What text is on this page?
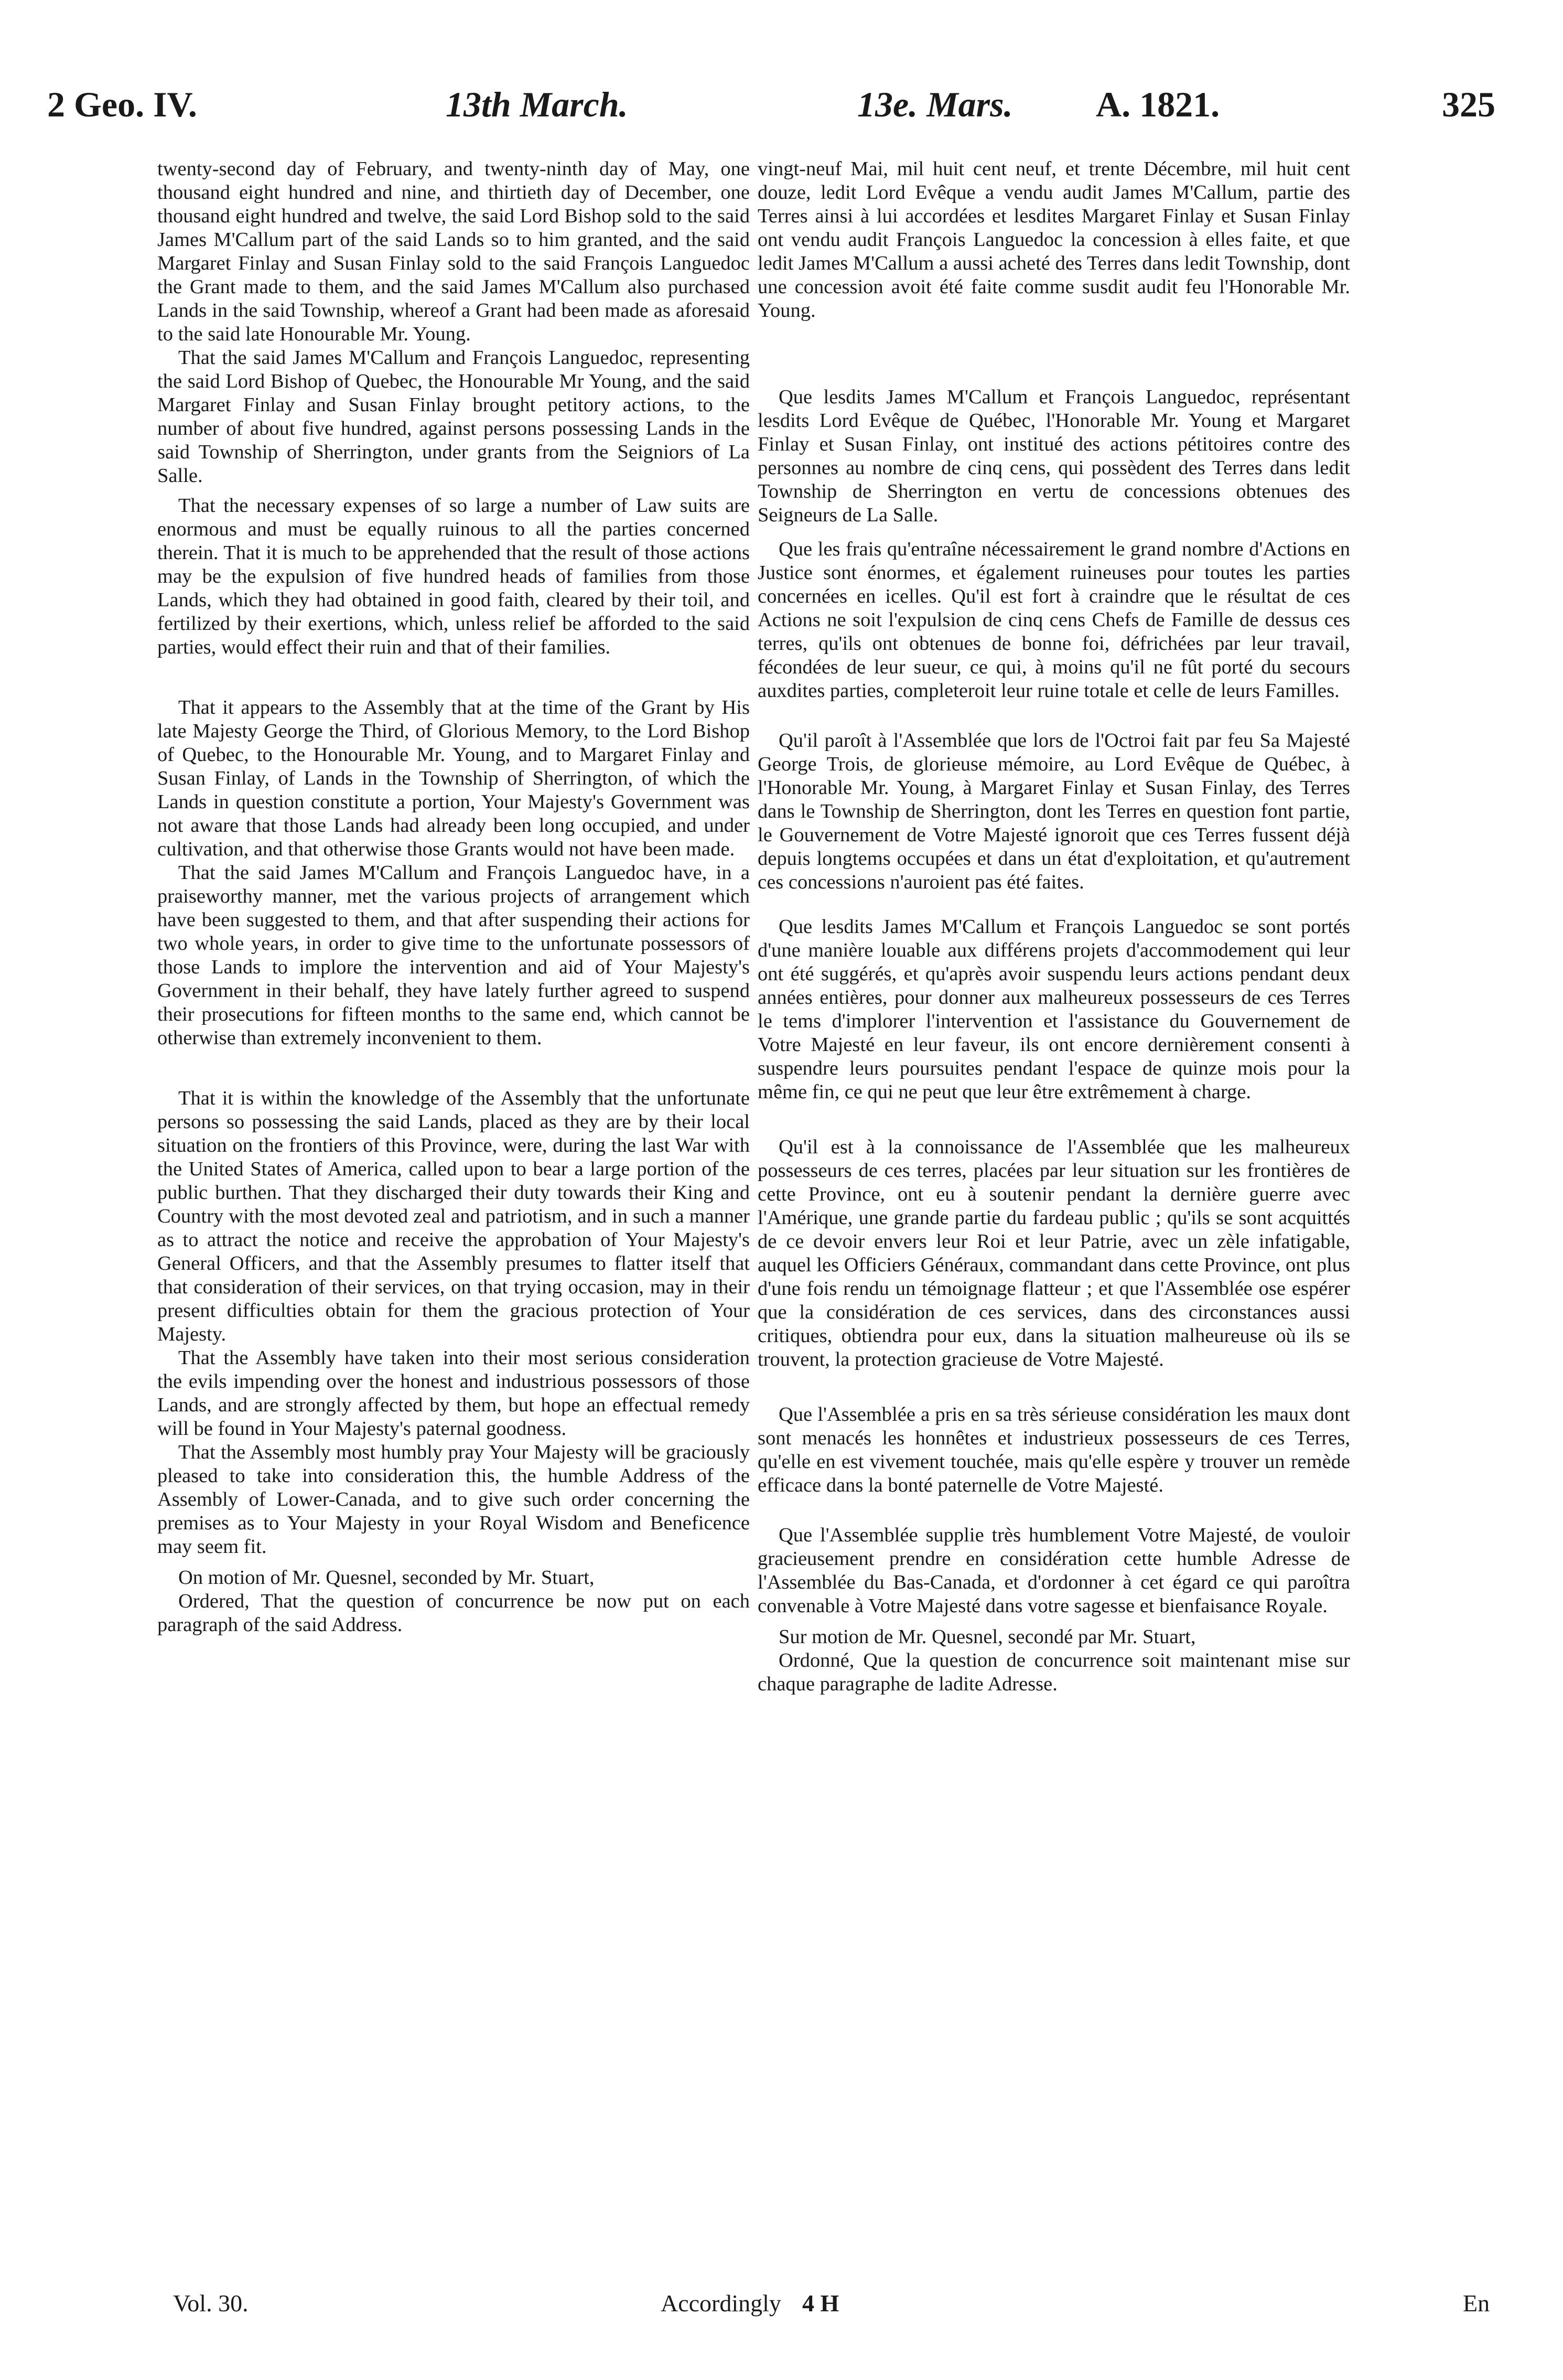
2 Geo. IV.	13th March.	13e. Mars. A. 1821.	325

twenty-second day of February, and twenty-ninth day of May, one thousand eight hundred and nine, and thirtieth day of December, one thousand eight hundred and twelve, the said Lord Bishop sold to the said James M'Callum part of the said Lands so to him granted, and the said Margaret Finlay and Susan Finlay sold to the said François Languedoc the Grant made to them, and the said James M'Callum also purchased Lands in the said Township, whereof a Grant had been made as aforesaid to the said late Honourable Mr. Young.

That the said James M'Callum and François Languedoc, representing the said Lord Bishop of Quebec, the Honourable Mr Young, and the said Margaret Finlay and Susan Finlay brought petitory actions, to the number of about five hundred, against persons possessing Lands in the said Township of Sherrington, under grants from the Seigniors of La Salle.

That the necessary expenses of so large a number of Law suits are enormous and must be equally ruinous to all the parties concerned therein. That it is much to be apprehended that the result of those actions may be the expulsion of five hundred heads of families from those Lands, which they had obtained in good faith, cleared by their toil, and fertilized by their exertions, which, unless relief be afforded to the said parties, would effect their ruin and that of their families.

That it appears to the Assembly that at the time of the Grant by His late Majesty George the Third, of Glorious Memory, to the Lord Bishop of Quebec, to the Honourable Mr. Young, and to Margaret Finlay and Susan Finlay, of Lands in the Township of Sherrington, of which the Lands in question constitute a portion, Your Majesty's Government was not aware that those Lands had already been long occupied, and under cultivation, and that otherwise those Grants would not have been made.

That the said James M'Callum and François Languedoc have, in a praiseworthy manner, met the various projects of arrangement which have been suggested to them, and that after suspending their actions for two whole years, in order to give time to the unfortunate possessors of those Lands to implore the intervention and aid of Your Majesty's Government in their behalf, they have lately further agreed to suspend their prosecutions for fifteen months to the same end, which cannot be otherwise than extremely inconvenient to them.

That it is within the knowledge of the Assembly that the unfortunate persons so possessing the said Lands, placed as they are by their local situation on the frontiers of this Province, were, during the last War with the United States of America, called upon to bear a large portion of the public burthen. That they discharged their duty towards their King and Country with the most devoted zeal and patriotism, and in such a manner as to attract the notice and receive the approbation of Your Majesty's General Officers, and that the Assembly presumes to flatter itself that that consideration of their services, on that trying occasion, may in their present difficulties obtain for them the gracious protection of Your Majesty.

That the Assembly have taken into their most serious consideration the evils impending over the honest and industrious possessors of those Lands, and are strongly affected by them, but hope an effectual remedy will be found in Your Majesty's paternal goodness.

That the Assembly most humbly pray Your Majesty will be graciously pleased to take into consideration this, the humble Address of the Assembly of Lower-Canada, and to give such order concerning the premises as to Your Majesty in your Royal Wisdom and Beneficence may seem fit.

On motion of Mr. Quesnel, seconded by Mr. Stuart,

Ordered, That the question of concurrence be now put on each paragraph of the said Address.

vingt-neuf Mai, mil huit cent neuf, et trente Décembre, mil huit cent douze, ledit Lord Evêque a vendu audit James M'Callum, partie des Terres ainsi à lui accordées et lesdites Margaret Finlay et Susan Finlay ont vendu audit François Languedoc la concession à elles faite, et que ledit James M'Callum a aussi acheté des Terres dans ledit Township, dont une concession avoit été faite comme susdit audit feu l'Honorable Mr. Young.

Que lesdits James M'Callum et François Languedoc, représentant lesdits Lord Evêque de Québec, l'Honorable Mr. Young et Margaret Finlay et Susan Finlay, ont institué des actions pétitoires contre des personnes au nombre de cinq cens, qui possèdent des Terres dans ledit Township de Sherrington en vertu de concessions obtenues des Seigneurs de La Salle.

Que les frais qu'entraîne nécessairement le grand nombre d'Actions en Justice sont énormes, et également ruineuses pour toutes les parties concernées en icelles. Qu'il est fort à craindre que le résultat de ces Actions ne soit l'expulsion de cinq cens Chefs de Famille de dessus ces terres, qu'ils ont obtenues de bonne foi, défrichées par leur travail, fécondées de leur sueur, ce qui, à moins qu'il ne fût porté du secours auxdites parties, completeroit leur ruine totale et celle de leurs Familles.

Qu'il paroît à l'Assemblée que lors de l'Octroi fait par feu Sa Majesté George Trois, de glorieuse mémoire, au Lord Evêque de Québec, à l'Honorable Mr. Young, à Margaret Finlay et Susan Finlay, des Terres dans le Township de Sherrington, dont les Terres en question font partie, le Gouvernement de Votre Majesté ignoroit que ces Terres fussent déjà depuis longtems occupées et dans un état d'exploitation, et qu'autrement ces concessions n'auroient pas été faites.

Que lesdits James M'Callum et François Languedoc se sont portés d'une manière louable aux différens projets d'accommodement qui leur ont été suggérés, et qu'après avoir suspendu leurs actions pendant deux années entières, pour donner aux malheureux possesseurs de ces Terres le tems d'implorer l'intervention et l'assistance du Gouvernement de Votre Majesté en leur faveur, ils ont encore dernièrement consenti à suspendre leurs poursuites pendant l'espace de quinze mois pour la même fin, ce qui ne peut que leur être extrêmement à charge.

Qu'il est à la connoissance de l'Assemblée que les malheureux possesseurs de ces terres, placées par leur situation sur les frontières de cette Province, ont eu à soutenir pendant la dernière guerre avec l'Amérique, une grande partie du fardeau public ; qu'ils se sont acquittés de ce devoir envers leur Roi et leur Patrie, avec un zèle infatigable, auquel les Officiers Généraux, commandant dans cette Province, ont plus d'une fois rendu un témoignage flatteur ; et que l'Assemblée ose espérer que la considération de ces services, dans des circonstances aussi critiques, obtiendra pour eux, dans la situation malheureuse où ils se trouvent, la protection gracieuse de Votre Majesté.

Que l'Assemblée a pris en sa très sérieuse considération les maux dont sont menacés les honnêtes et industrieux possesseurs de ces Terres, qu'elle en est vivement touchée, mais qu'elle espère y trouver un remède efficace dans la bonté paternelle de Votre Majesté.

Que l'Assemblée supplie très humblement Votre Majesté, de vouloir gracieusement prendre en considération cette humble Adresse de l'Assemblée du Bas-Canada, et d'ordonner à cet égard ce qui paroîtra convenable à Votre Majesté dans votre sagesse et bienfaisance Royale.

Sur motion de Mr. Quesnel, secondé par Mr. Stuart,

Ordonné, Que la question de concurrence soit maintenant mise sur chaque paragraphe de ladite Adresse.

Vol. 30.	Accordingly 4 H	En
